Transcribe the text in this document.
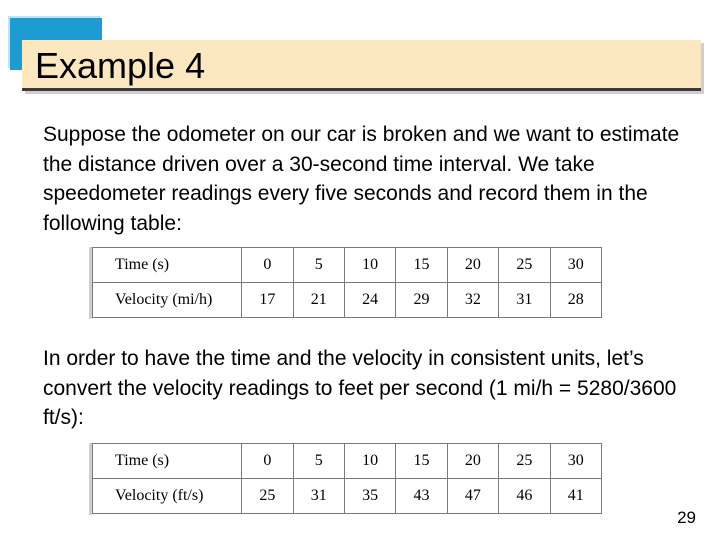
Example 4
Suppose the odometer on our car is broken and we want to estimate the distance driven over a 30-second time interval. We take speedometer readings every five seconds and record them in the following table:
Time (s)	0	5	10	15	20	25	30
Velocity (mi/h)	17	21	24	29	32	31	28
In order to have the time and the velocity in consistent units, let’s convert the velocity readings to feet per second (1 mi/h = 5280/3600 ft/s):
Time (s)	0	5	10	15	20	25	30
Velocity (ft/s)	25	31	35	43	47	46	41
29
